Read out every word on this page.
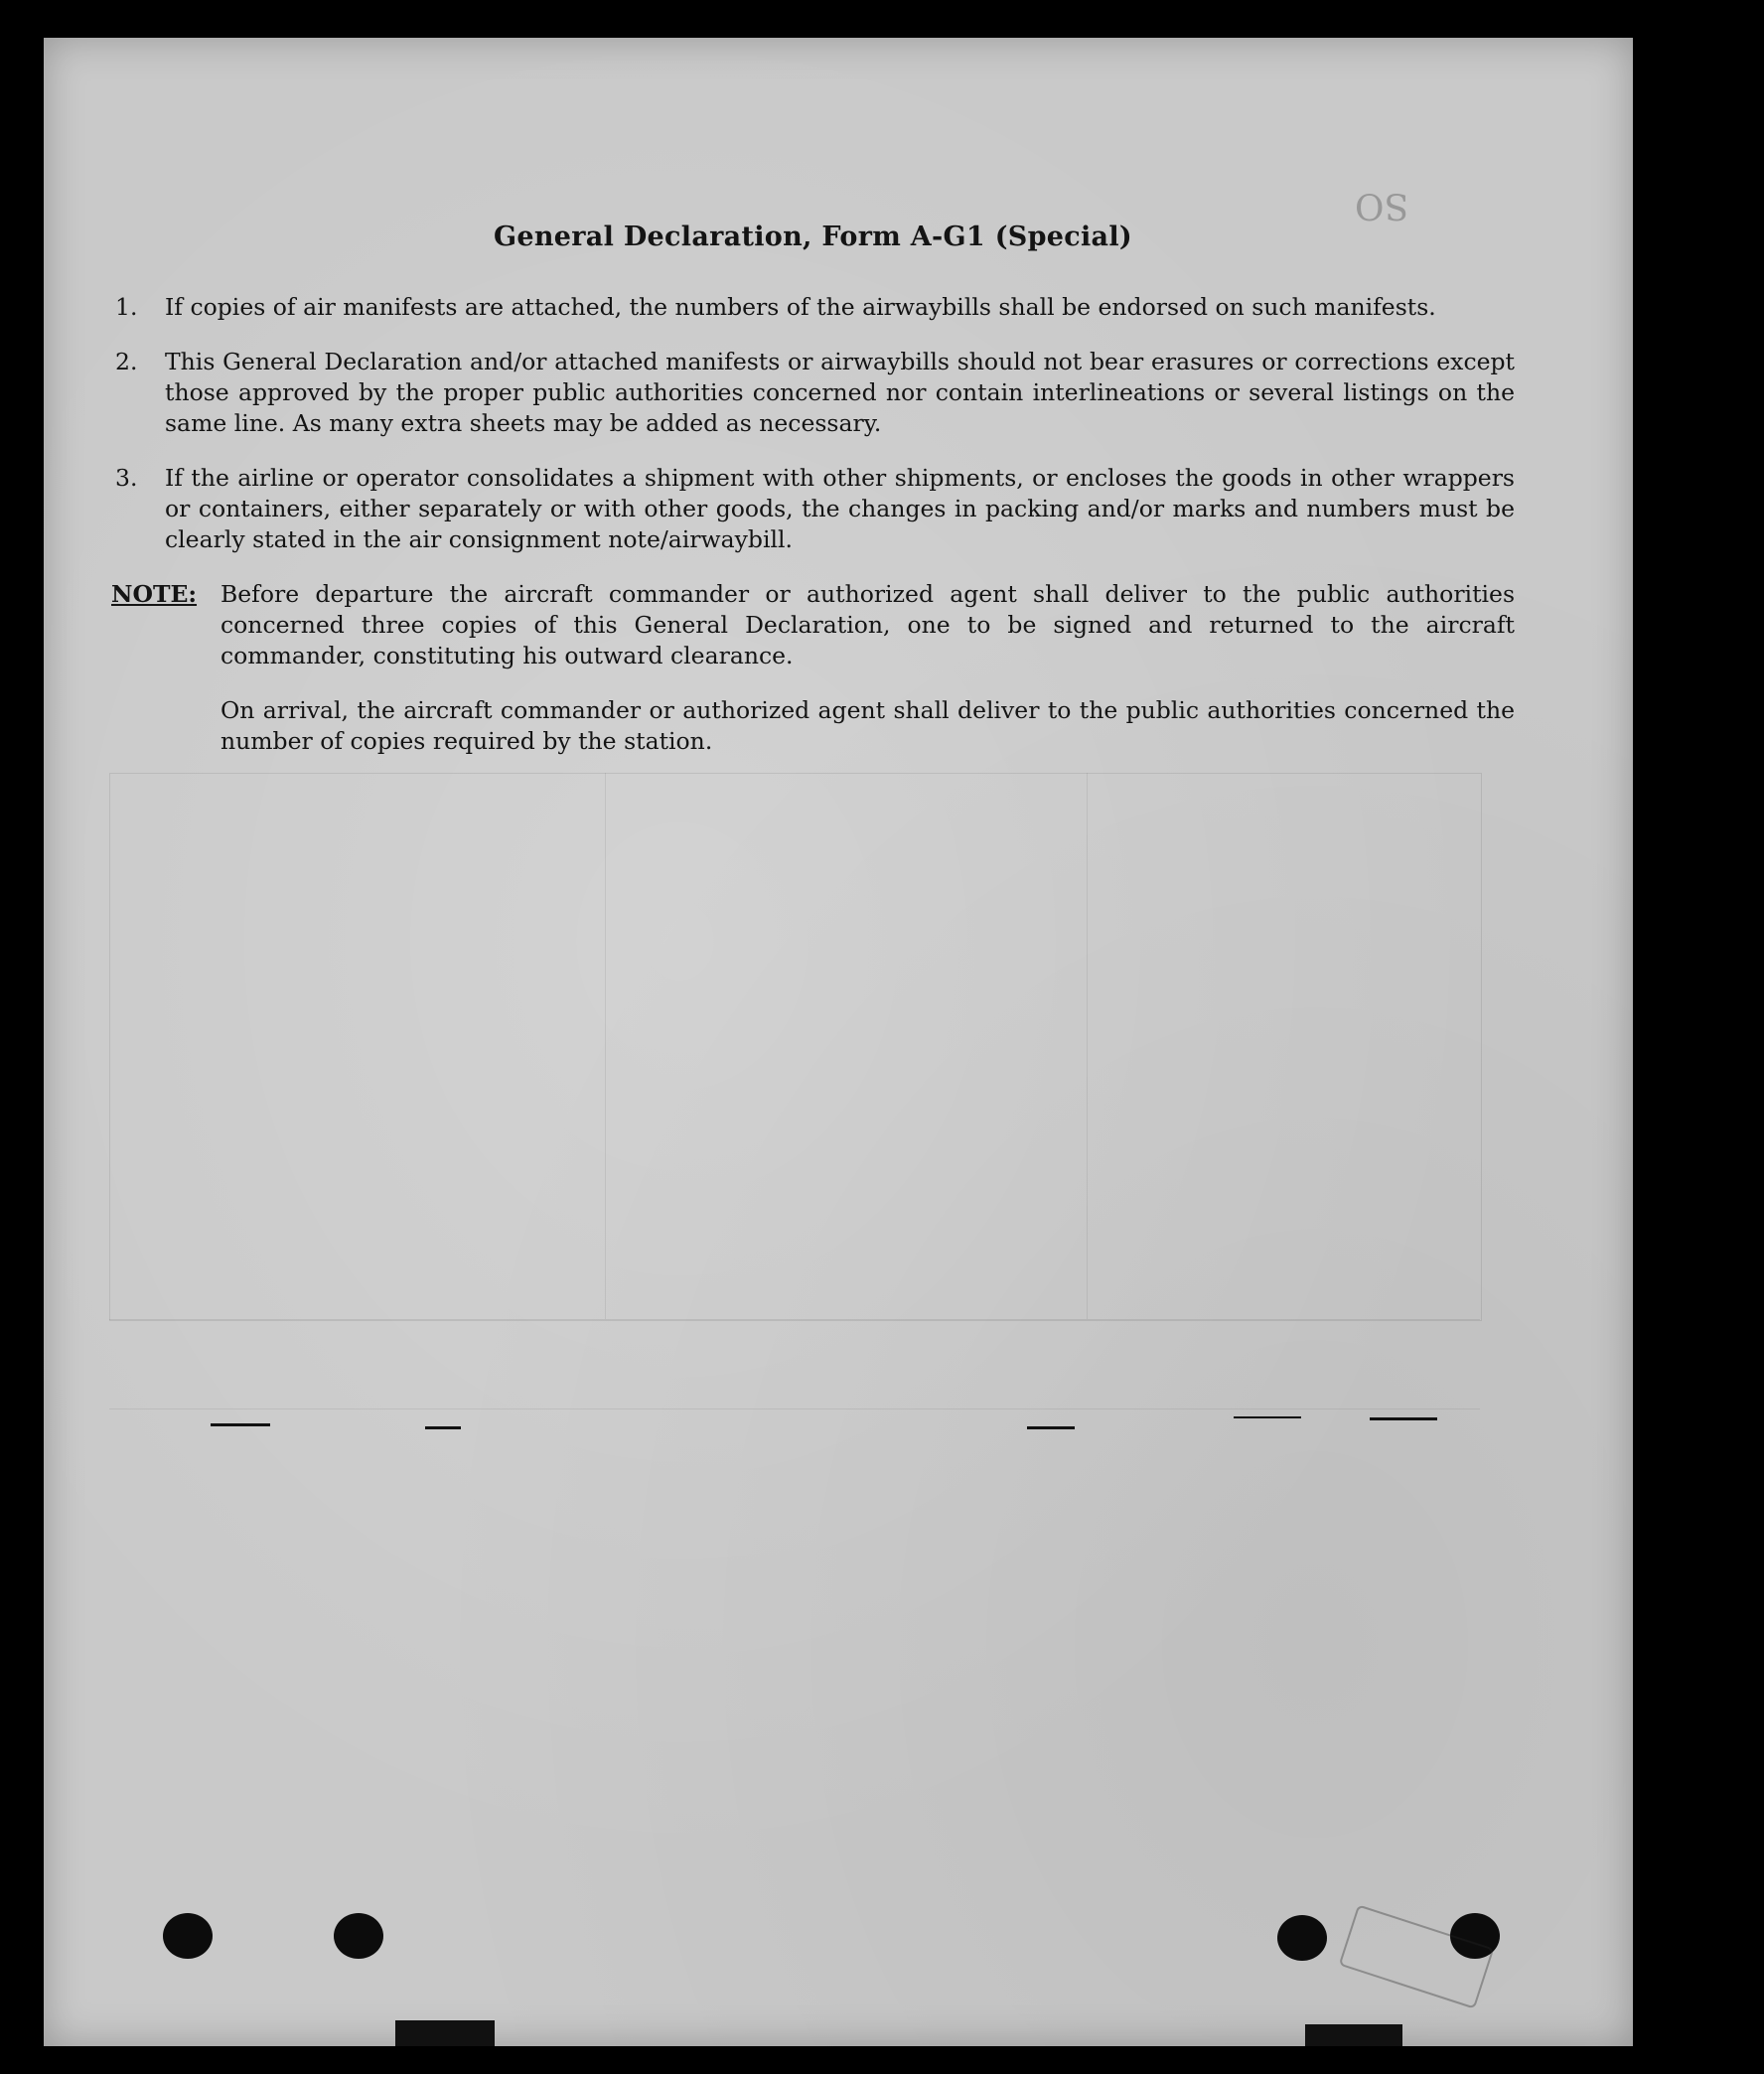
SO
General Declaration, Form A-G1 (Special)
1.	If copies of air manifests are attached, the numbers of the airwaybills shall be endorsed on such manifests.
2.	This General Declaration and/or attached manifests or airwaybills should not bear erasures or corrections except those approved by the proper public authorities concerned nor contain interlineations or several listings on the same line. As many extra sheets may be added as necessary.
3.	If the airline or operator consolidates a shipment with other shipments, or encloses the goods in other wrappers or containers, either separately or with other goods, the changes in packing and/or marks and numbers must be clearly stated in the air consignment note/airwaybill.
NOTE:	Before departure the aircraft commander or authorized agent shall deliver to the public authorities concerned three copies of this General Declaration, one to be signed and returned to the aircraft commander, constituting his outward clearance.

On arrival, the aircraft commander or authorized agent shall deliver to the public authorities concerned the number of copies required by the station.
